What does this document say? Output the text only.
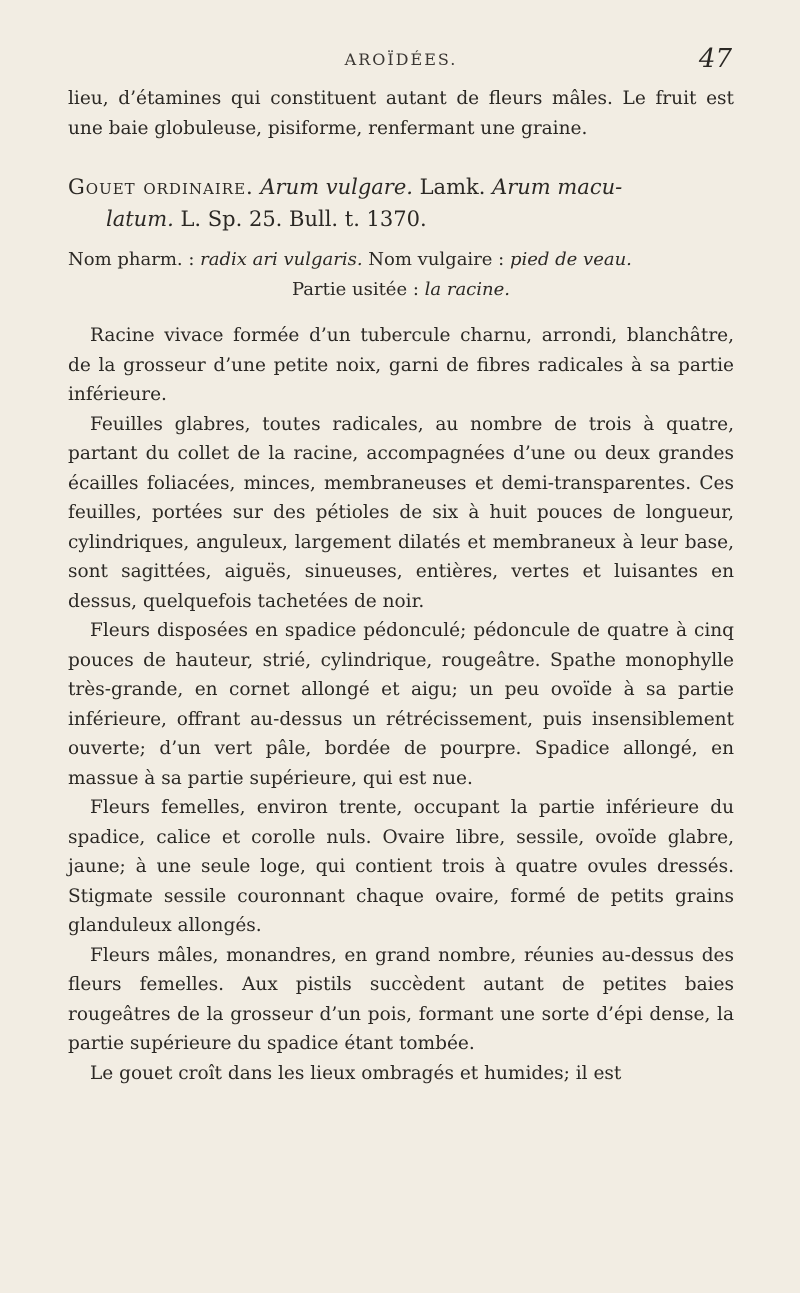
AROÏDÉES.	47

lieu, d’étamines qui constituent autant de fleurs mâles. Le fruit est une baie globuleuse, pisiforme, renfermant une graine.

Gouet ordinaire. Arum vulgare. Lamk. Arum macu-
latum. L. Sp. 25. Bull. t. 1370.

Nom pharm. : radix ari vulgaris. Nom vulgaire : pied de veau.
Partie usitée : la racine.

Racine vivace formée d’un tubercule charnu, arrondi, blanchâtre, de la grosseur d’une petite noix, garni de fibres radicales à sa partie inférieure.

Feuilles glabres, toutes radicales, au nombre de trois à quatre, partant du collet de la racine, accompagnées d’une ou deux grandes écailles foliacées, minces, membraneuses et demi-transparentes. Ces feuilles, portées sur des pétioles de six à huit pouces de longueur, cylindriques, anguleux, largement dilatés et membraneux à leur base, sont sagittées, aiguës, sinueuses, entières, vertes et luisantes en dessus, quelquefois tachetées de noir.

Fleurs disposées en spadice pédonculé; pédoncule de quatre à cinq pouces de hauteur, strié, cylindrique, rougeâtre. Spathe monophylle très-grande, en cornet allongé et aigu; un peu ovoïde à sa partie inférieure, offrant au-dessus un rétrécissement, puis insensiblement ouverte; d’un vert pâle, bordée de pourpre. Spadice allongé, en massue à sa partie supérieure, qui est nue.

Fleurs femelles, environ trente, occupant la partie inférieure du spadice, calice et corolle nuls. Ovaire libre, sessile, ovoïde glabre, jaune; à une seule loge, qui contient trois à quatre ovules dressés. Stigmate sessile couronnant chaque ovaire, formé de petits grains glanduleux allongés.

Fleurs mâles, monandres, en grand nombre, réunies au-dessus des fleurs femelles. Aux pistils succèdent autant de petites baies rougeâtres de la grosseur d’un pois, formant une sorte d’épi dense, la partie supérieure du spadice étant tombée.

Le gouet croît dans les lieux ombragés et humides; il est
